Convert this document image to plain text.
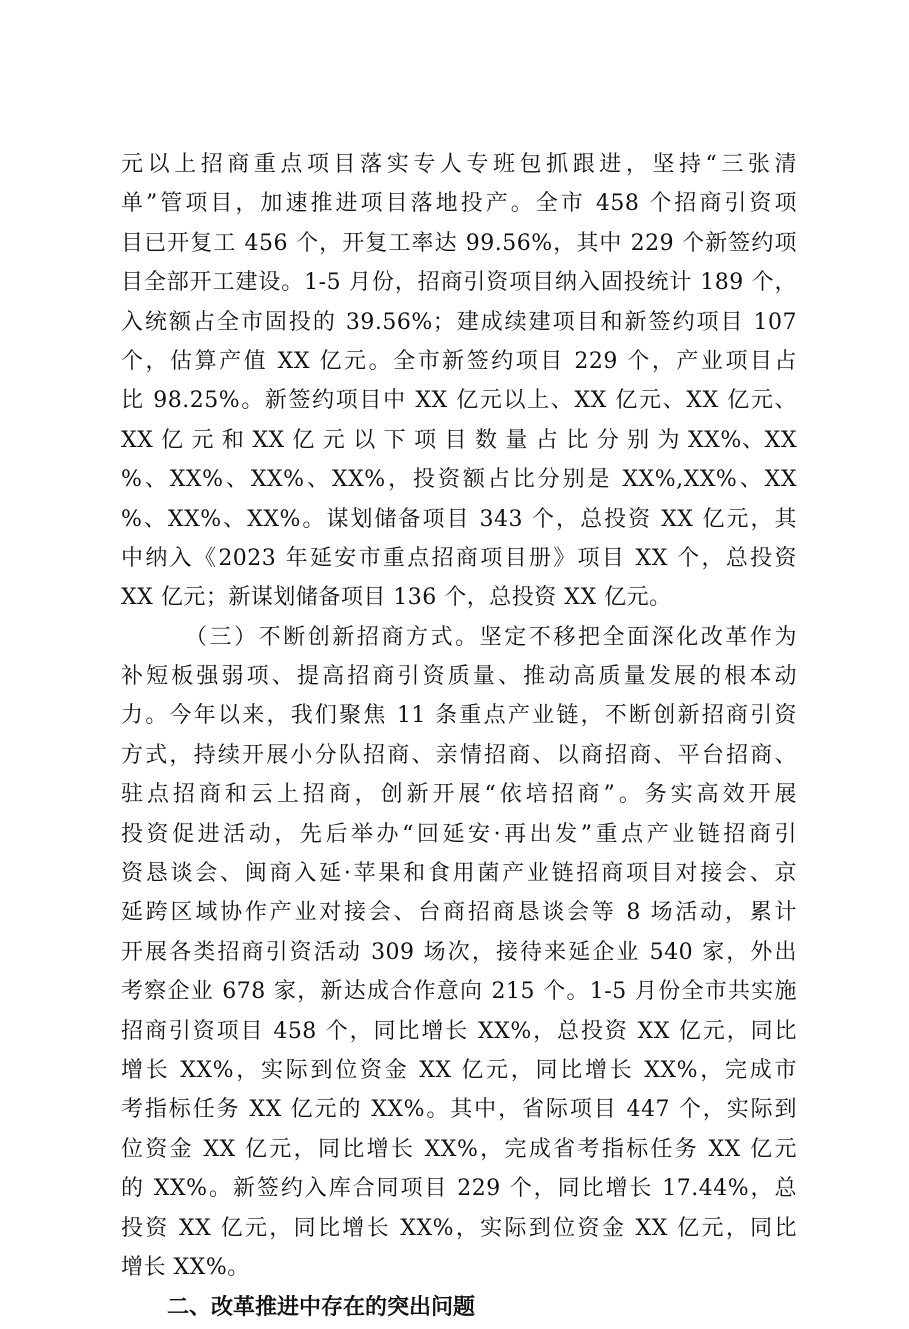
元以上招商重点项目落实专人专班包抓跟进，坚持“三张清
单”管项目，加速推进项目落地投产。全市 458 个招商引资项
目已开复工 456 个，开复工率达 99.56%，其中 229 个新签约项
目全部开工建设。1-5 月份，招商引资项目纳入固投统计 189 个，
入统额占全市固投的 39.56%；建成续建项目和新签约项目 107
个，估算产值 XX 亿元。全市新签约项目 229 个，产业项目占
比 98.25%。新签约项目中 XX 亿元以上、XX 亿元、XX 亿元、
XX 亿 元 和 XX 亿 元 以 下 项 目 数 量 占 比 分 别 为 XX%、XX
%、XX%、XX%、XX%，投资额占比分别是 XX%,XX%、XX
%、XX%、XX%。谋划储备项目 343 个，总投资 XX 亿元，其
中纳入《2023 年延安市重点招商项目册》项目 XX 个，总投资
XX 亿元；新谋划储备项目 136 个，总投资 XX 亿元。
（三）不断创新招商方式。坚定不移把全面深化改革作为
补短板强弱项、提高招商引资质量、推动高质量发展的根本动
力。今年以来，我们聚焦 11 条重点产业链，不断创新招商引资
方式，持续开展小分队招商、亲情招商、以商招商、平台招商、
驻点招商和云上招商，创新开展“依培招商”。务实高效开展
投资促进活动，先后举办“回延安·再出发”重点产业链招商引
资恳谈会、闽商入延·苹果和食用菌产业链招商项目对接会、京
延跨区域协作产业对接会、台商招商恳谈会等 8 场活动，累计
开展各类招商引资活动 309 场次，接待来延企业 540 家，外出
考察企业 678 家，新达成合作意向 215 个。1-5 月份全市共实施
招商引资项目 458 个，同比增长 XX%，总投资 XX 亿元，同比
增长 XX%，实际到位资金 XX 亿元，同比增长 XX%，完成市
考指标任务 XX 亿元的 XX%。其中，省际项目 447 个，实际到
位资金 XX 亿元，同比增长 XX%，完成省考指标任务 XX 亿元
的 XX%。新签约入库合同项目 229 个，同比增长 17.44%，总
投资 XX 亿元，同比增长 XX%，实际到位资金 XX 亿元，同比
增长 XX%。
二、改革推进中存在的突出问题
